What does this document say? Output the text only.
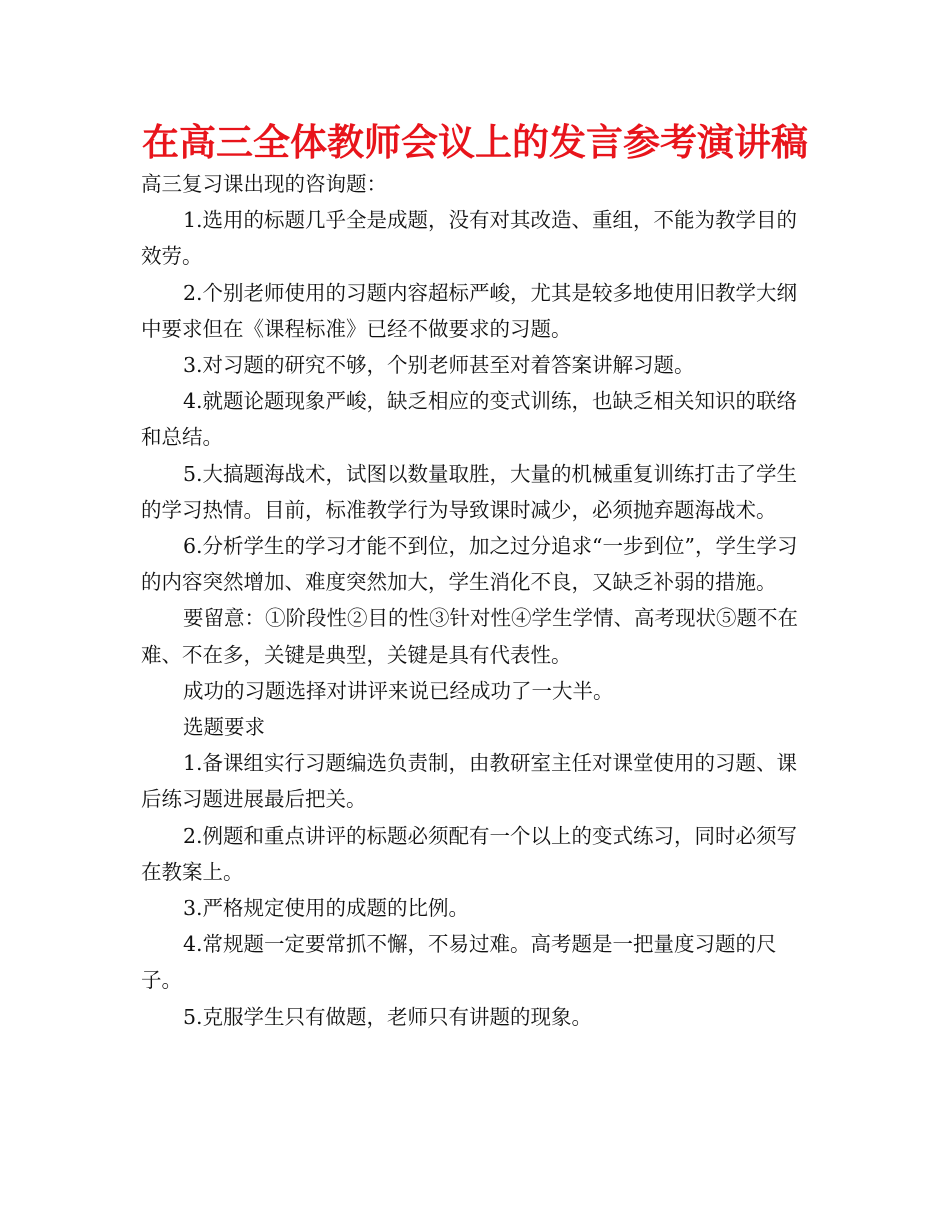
在高三全体教师会议上的发言参考演讲稿

高三复习课出现的咨询题：

1.选用的标题几乎全是成题，没有对其改造、重组，不能为教学目的效劳。

2.个别老师使用的习题内容超标严峻，尤其是较多地使用旧教学大纲中要求但在《课程标准》已经不做要求的习题。

3.对习题的研究不够，个别老师甚至对着答案讲解习题。

4.就题论题现象严峻，缺乏相应的变式训练，也缺乏相关知识的联络和总结。

5.大搞题海战术，试图以数量取胜，大量的机械重复训练打击了学生的学习热情。目前，标准教学行为导致课时减少，必须抛弃题海战术。

6.分析学生的学习才能不到位，加之过分追求“一步到位”，学生学习的内容突然增加、难度突然加大，学生消化不良，又缺乏补弱的措施。

要留意：①阶段性②目的性③针对性④学生学情、高考现状⑤题不在难、不在多，关键是典型，关键是具有代表性。

成功的习题选择对讲评来说已经成功了一大半。

选题要求

1.备课组实行习题编选负责制，由教研室主任对课堂使用的习题、课后练习题进展最后把关。

2.例题和重点讲评的标题必须配有一个以上的变式练习，同时必须写在教案上。

3.严格规定使用的成题的比例。

4.常规题一定要常抓不懈，不易过难。高考题是一把量度习题的尺子。

5.克服学生只有做题，老师只有讲题的现象。
